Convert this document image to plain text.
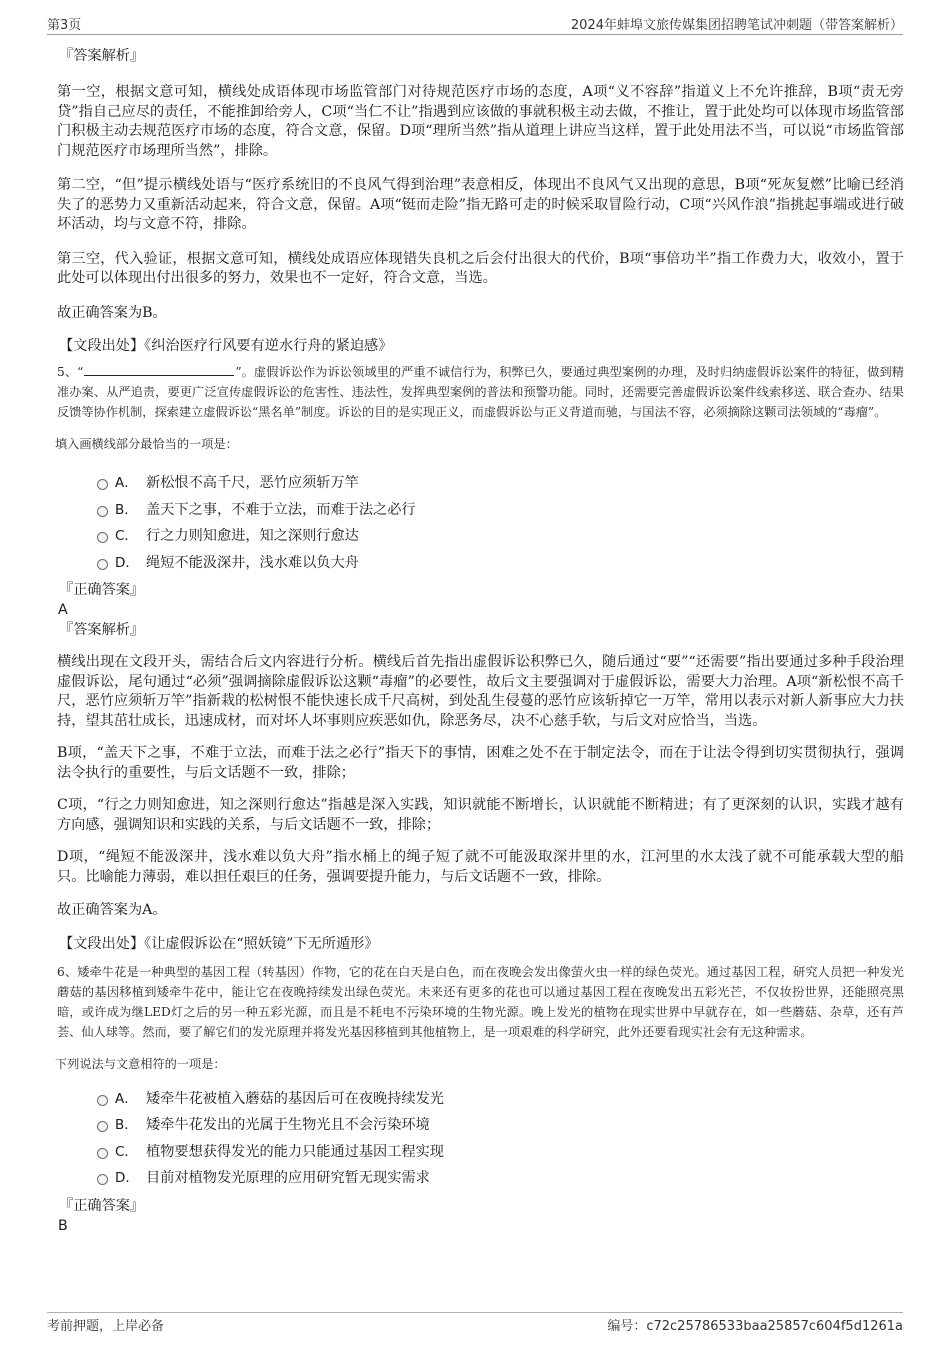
第3页	2024年蚌埠文旅传媒集团招聘笔试冲刺题（带答案解析）

『答案解析』

第一空，根据文意可知，横线处成语体现市场监管部门对待规范医疗市场的态度，A项“义不容辞”指道义上不允许推辞，B项“责无旁贷”指自己应尽的责任，不能推卸给旁人，C项“当仁不让”指遇到应该做的事就积极主动去做，不推让，置于此处均可以体现市场监管部门积极主动去规范医疗市场的态度，符合文意，保留。D项“理所当然”指从道理上讲应当这样，置于此处用法不当，可以说“市场监管部门规范医疗市场理所当然”，排除。

第二空，“但”提示横线处语与“医疗系统旧的不良风气得到治理”表意相反，体现出不良风气又出现的意思，B项“死灰复燃”比喻已经消失了的恶势力又重新活动起来，符合文意，保留。A项“铤而走险”指无路可走的时候采取冒险行动，C项“兴风作浪”指挑起事端或进行破坏活动，均与文意不符，排除。

第三空，代入验证，根据文意可知，横线处成语应体现错失良机之后会付出很大的代价，B项“事倍功半”指工作费力大，收效小，置于此处可以体现出付出很多的努力，效果也不一定好，符合文意，当选。

故正确答案为B。

【文段出处】《纠治医疗行风要有逆水行舟的紧迫感》

5、“	”。虚假诉讼作为诉讼领域里的严重不诚信行为，积弊已久，要通过典型案例的办理，及时归纳虚假诉讼案件的特征，做到精准办案、从严追责，要更广泛宣传虚假诉讼的危害性、违法性，发挥典型案例的普法和预警功能。同时，还需要完善虚假诉讼案件线索移送、联合查办、结果反馈等协作机制，探索建立虚假诉讼“黑名单”制度。诉讼的目的是实现正义，而虚假诉讼与正义背道而驰，与国法不容，必须摘除这颗司法领域的“毒瘤”。

填入画横线部分最恰当的一项是：

A． 新松恨不高千尺，恶竹应须斩万竿
B． 盖天下之事，不难于立法，而难于法之必行
C． 行之力则知愈进，知之深则行愈达
D． 绳短不能汲深井，浅水难以负大舟

『正确答案』

A

『答案解析』

横线出现在文段开头，需结合后文内容进行分析。横线后首先指出虚假诉讼积弊已久，随后通过“要”“还需要”指出要通过多种手段治理虚假诉讼，尾句通过“必须”强调摘除虚假诉讼这颗“毒瘤”的必要性，故后文主要强调对于虚假诉讼，需要大力治理。A项“新松恨不高千尺，恶竹应须斩万竿”指新栽的松树恨不能快速长成千尺高树，到处乱生侵蔓的恶竹应该斩掉它一万竿，常用以表示对新人新事应大力扶持，望其茁壮成长，迅速成材，而对坏人坏事则应疾恶如仇，除恶务尽，决不心慈手软，与后文对应恰当，当选。

B项，“盖天下之事，不难于立法，而难于法之必行”指天下的事情，困难之处不在于制定法令，而在于让法令得到切实贯彻执行，强调法令执行的重要性，与后文话题不一致，排除；

C项，“行之力则知愈进，知之深则行愈达”指越是深入实践，知识就能不断增长，认识就能不断精进；有了更深刻的认识，实践才越有方向感，强调知识和实践的关系，与后文话题不一致，排除；

D项，“绳短不能汲深井，浅水难以负大舟”指水桶上的绳子短了就不可能汲取深井里的水，江河里的水太浅了就不可能承载大型的船只。比喻能力薄弱，难以担任艰巨的任务，强调要提升能力，与后文话题不一致，排除。

故正确答案为A。

【文段出处】《让虚假诉讼在“照妖镜”下无所遁形》

6、矮牵牛花是一种典型的基因工程（转基因）作物，它的花在白天是白色，而在夜晚会发出像萤火虫一样的绿色荧光。通过基因工程，研究人员把一种发光蘑菇的基因移植到矮牵牛花中，能让它在夜晚持续发出绿色荧光。未来还有更多的花也可以通过基因工程在夜晚发出五彩光芒，不仅妆扮世界，还能照亮黑暗，或许成为继LED灯之后的另一种五彩光源，而且是不耗电不污染环境的生物光源。晚上发光的植物在现实世界中早就存在，如一些蘑菇、杂草，还有芦荟、仙人球等。然而，要了解它们的发光原理并将发光基因移植到其他植物上，是一项艰难的科学研究，此外还要看现实社会有无这种需求。

下列说法与文意相符的一项是：

A． 矮牵牛花被植入蘑菇的基因后可在夜晚持续发光
B． 矮牵牛花发出的光属于生物光且不会污染环境
C． 植物要想获得发光的能力只能通过基因工程实现
D． 目前对植物发光原理的应用研究暂无现实需求

『正确答案』

B

考前押题，上岸必备	编号：c72c25786533baa25857c604f5d1261a
